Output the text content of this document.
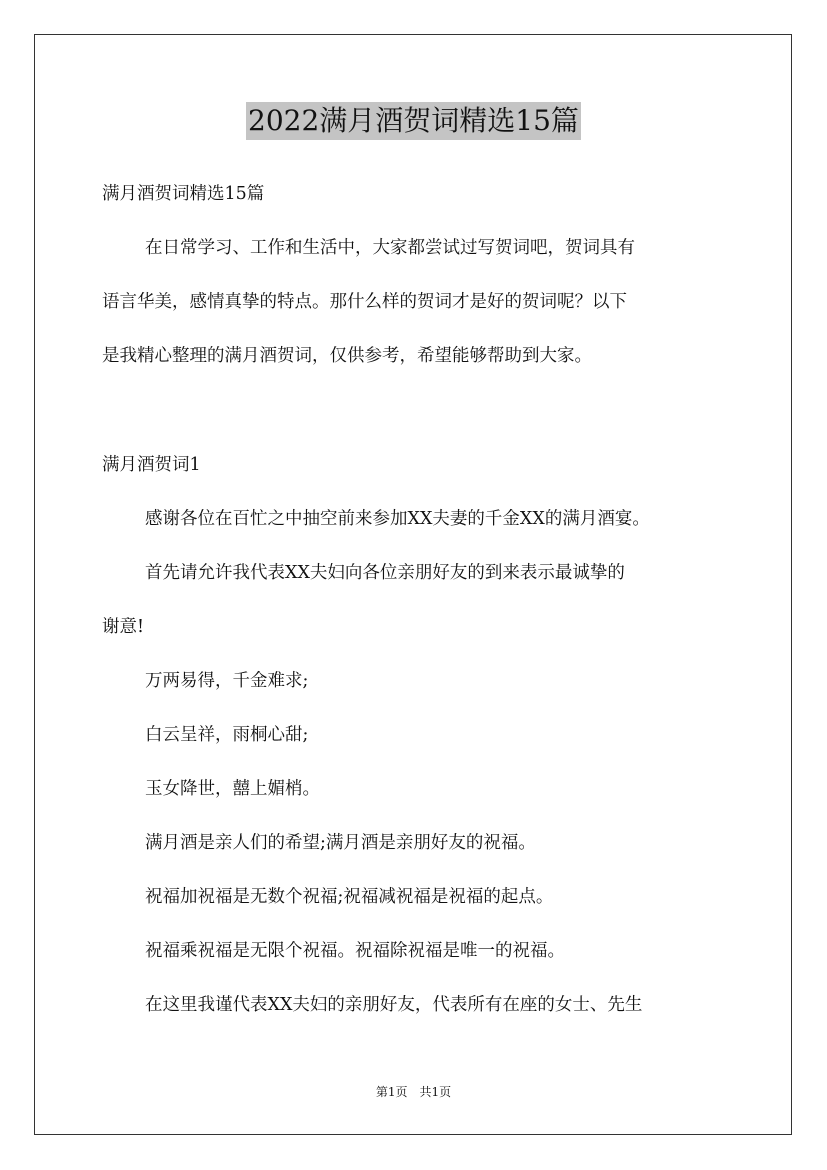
2022满月酒贺词精选15篇
满月酒贺词精选15篇
在日常学习、工作和生活中，大家都尝试过写贺词吧，贺词具有
语言华美，感情真挚的特点。那什么样的贺词才是好的贺词呢？以下
是我精心整理的满月酒贺词，仅供参考，希望能够帮助到大家。
满月酒贺词1
感谢各位在百忙之中抽空前来参加XX夫妻的千金XX的满月酒宴。
首先请允许我代表XX夫妇向各位亲朋好友的到来表示最诚挚的
谢意!
万两易得，千金难求;
白云呈祥，雨桐心甜;
玉女降世，囍上媚梢。
满月酒是亲人们的希望;满月酒是亲朋好友的祝福。
祝福加祝福是无数个祝福;祝福减祝福是祝福的起点。
祝福乘祝福是无限个祝福。祝福除祝福是唯一的祝福。
在这里我谨代表XX夫妇的亲朋好友，代表所有在座的女士、先生
第1页　共1页
